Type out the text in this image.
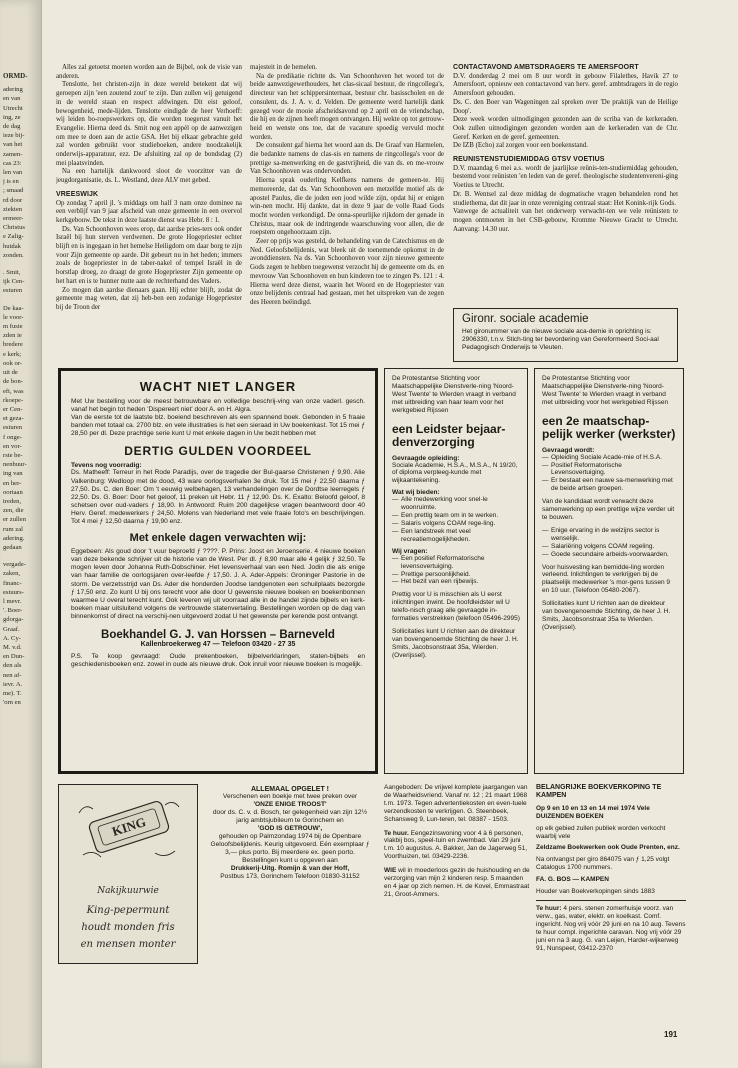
ORMD-

adering

en van

Utrecht

ing, ze

de dag

ieze bij-

van het

zamen-

cas 23:

len van

j is en

; smaad

rd door

ziekten

ermeer-

Christus

e Zalig-

hutdak

zonden.

. Smit,

ijk Cen-

esturen

De kaa-

le voor-

m fusie

zden ie

bredere

e kerk;

ook or-

uit de

de bon-

eft, was

rkoepe-

er Cen-

et geza-

esturen

f onge-

en vor-

rste be-

nenbuur-

ing van

en her-

oortaan

treden,

zen, die

er zullen

rum zal

adering.

gedaan

vergade-

zaken,

financ-

estuurs-

l mevr.

'. Boer-

gdorga-

Graaf.

A. Cy-

M. v.d.

en Dun-

den als

nen af-

ievr. A.

me). T.

'orn en

Alles zal getoetst moeten worden aan de Bijbel, ook de visie van anderen.

Tenslotte, het christen-zijn in deze wereld betekent dat wij geroepen zijn 'een zoutend zout' te zijn. Dan zullen wij getuigend in de wereld staan en respect afdwingen. Dit eist geloof, bewogenheid, mede-lijden. Tenslotte eindigde de heer Verhoeff: wij leiden bo-roepswerkers op, die worden toegerust vanuit het Evangelie. Hierna deed ds. Smit nog een appèl op de aanwezigen om mee te doen aan de actie GSA. Het bij elkaar gebrachte geld zal worden gebruikt voor studieboeken, andere noodzakelijk onderwijs-apparatuur, ezz. De afsluiting zal op de bondsdag (2) mei plaatsvinden.

Na een hartelijk dankwoord sloot de voorzitter van de jeugdorganisatie, ds. L. Westland, deze ALV met gebed.

VREESWIJK

Op zondag 7 april jl. 's middags om half 3 nam onze dominee na een verblijf van 9 jaar afscheid van onze gemeente in een overvol kerkgebouw. De tekst in deze laatste dienst was Hebr. 8 : 1.

Ds. Van Schoonhoven wees erop, dat aardse pries-ters ook onder Israël bij hun sterven verdwenen. De grote Hogepriester echter blijft en is ingegaan in het hemelse Heiligdom om daar borg te zijn voor Zijn gemeente op aarde. Dit gebeurt nu in het heden; immers zoals de hogepriester in de taber-nakel of tempel Israël in de borstlap droeg, zo draagt de grote Hogepriester Zijn gemeente op het hart en is te hunner nutte aan de rechterhand des Vaders.

Zo mogen dan aardse dienaars gaan. Hij echter blijft, zodat de gemeente mag weten, dat zij heb-ben een zodanige Hogepriester bij de Troon der

majesteit in de hemelen.

Na de predikatie richtte ds. Van Schoonhoven het woord tot de beide aanwezigewethouders, het clas-sicaal bestuur, de ringcollega's, directeur van het schippersinternaat, bestuur chr. basisscholen en de consulent, ds. J. A. v. d. Velden. De gemeente werd hartelijk dank gezegd voor de mooie afscheidsavond op 2 april en de vriendschap, die hij en de zijnen heeft mogen ontvangen. Hij wekte op tot getrouw-heid en wenste ons toe, dat de vacature spoedig vervuld mocht worden.

De consulent gaf hierna het woord aan ds. De Graaf van Harmelen, die bedankte namens de clas-sis en namens de ringcollega's voor de prettige sa-menwerking en de gastvrijheid, die van ds. en me-vrouw Van Schoonhoven was ondervonden.

Hierna sprak ouderling Kelfkens namens de gemeen-te. Hij memoreerde, dat ds. Van Schoonhoven een metzelfde motief als de apostel Paulus, die de joden een jood wilde zijn, opdat hij er enigen win-nen mocht. Hij dankte, dat in deze 9 jaar de volle Raad Gods mocht worden verkondigd. De onna-speurlijke rijkdom der genade in Christus, maar ook de indringende waarschuwing voor allen, die de roepstem ongehoorzaam zijn.

Zeer op prijs was gesteld, de behandeling van de Catechismus en de Ned. Geloofsbelijdenis, wat bleek uit de toenemende opkomst in de avonddiensten. Na ds. Van Schoonhoven voor zijn nieuwe gemeente Gods zegen te hebben toegewenst verzocht hij de gemeente om ds. en mevrouw Van Schoonhoven en hun kinderen toe te zingen Ps. 121 : 4. Hierna werd deze dienst, waarin het Woord en de Hogepriester van onze belijdenis centraal had gestaan, met het uitspreken van de zegen des Heeren beëindigd.

CONTACTAVOND AMBTSDRAGERS TE AMERSFOORT

D.V. donderdag 2 mei om 8 uur wordt in gebouw Filalethes, Havik 27 te Amersfoort, opnieuw een contactavond van herv. geref. ambtsdragers in de regio Amersfoort gehouden.

Ds. C. den Boer van Wageningen zal spreken over 'De praktijk van de Heilige Doop'.

Deze week worden uitnodigingen gezonden aan de scriba van de kerkeraden. Ook zullen uitnodigingen gezonden worden aan de kerkeraden van de Chr. Geref. Kerken en de geref. gemeenten.

De IZB (Echo) zal zorgen voor een boekenstand.

REUNISTENSTUDIEMIDDAG GTSV VOETIUS

D.V. maandag 6 mei a.s. wordt de jaarlijkse reünis-ten-studiemiddag gehouden, bestemd voor reünisten 'en leden van de geref. theologische studentenvereni-ging Voetius te Utrecht.

Dr. B. Wentsel zal deze middag de dogmatische vragen behandelen rond het studiethema, dat dit jaar in onze vereniging centraal staat: Het Konink-rijk Gods.

Vanwege de actualiteit van het onderwerp verwacht-ten we vele reünisten te mogen ontmoeten in het CSB-gebouw, Kromme Nieuwe Gracht te Utrecht. Aanvang: 14.30 uur.

Gironr. sociale academie
Het gironummer van de nieuwe sociale aca-demie in oprichting is: 2906330, t.n.v. Stich-ting ter bevordering van Gereformeerd Soci-aal Pedagogisch Onderwijs te Vleuten.
WACHT NIET LANGER

Met Uw bestelling voor de meest betrouwbare en volledige beschrij-ving van onze vaderl. gesch. vanaf het begin tot heden 'Dispereert niet' door A. en H. Algra.

Van de eerste tot de laatste blz. boeiend beschreven als een spannend boek. Gebonden in 5 fraaie banden met totaal ca. 2700 blz. en vele illustraties is het een sieraad in Uw boekenkast. Tot 15 mei ƒ 28,50 per dl. Deze prachtige serie kunt U met enkele dagen in Uw bezit hebben met

DERTIG GULDEN VOORDEEL

Tevens nog voorradig:

Ds. Matheeff: Terreur in het Rode Paradijs, over de tragedie der Bul-gaarse Christenen ƒ 9,90. Alie Valkenburg: Wedloop met de dood, 43 ware oorlogsverhalen 3e druk. Tot 15 mei ƒ 22,50 daarna ƒ 27,50. Ds. C. den Boer: Om 't eeuwig welbehagen, 13 verhandelingen over de Dordtse leerregels ƒ 22,50. Ds. G. Boer: Door het geloof, 11 preken uit Hebr. 11 ƒ 12,90. Ds. K. Exalto: Beloofd geloof, 8 schetsen over oud-vaders ƒ 18,90. In Antwoord: Ruim 200 dagelijkse vragen beantwoord door 40 Herv. Geref. medewerkers ƒ 24,50. Molens van Nederland met vele fraaie foto's en beschrijvingen. Tot 4 mei ƒ 12,50 daarna ƒ 19,90 enz.

Met enkele dagen verwachten wij:

Eggebeen: Als goud door 't vuur beproefd ƒ ????. P. Prins: Joost en Jeroenserie. 4 nieuwe boeken van deze bekende schrijver uit de historie van de West. Per dl. ƒ 8,90 maar alle 4 gelijk ƒ 32,50. Te mogen leven door Johanna Ruth-Dobschiner. Het levensverhaal van een Ned. Jodin die als enige van haar familie de oorlogsjaren over-leefde ƒ 17,50. J. A. Ader-Appels: Groninger Pastorie in de storm. De verzetsstrijd van Ds. Ader die honderden Joodse landgenoten een schuilplaats bezorgde ƒ 17,50 enz. Zo kunt U bij ons terecht voor alle door U gewenste nieuwe boeken en boekenbonnen waarmee U overal terecht kunt. Ook leveren wij uit voorraad alle in de handel zijnde bijbels en kerk-boeken maar uitsluitend volgens de vertrouwde statenvertaling. Bestellingen worden op de dag van binnenkomst of direct na verschij-nen uitgevoerd zodat U het gewenste per kerende post ontvangt.

Boekhandel G. J. van Horssen – Barneveld
Kallenbroekerweg 47 — Telefoon 03420 - 27 35

P.S. Te koop gevraagd: Oude prekenboeken, bijbelverklaringen, staten-bijbels en geschiedenisboeken enz. zowel in oude als nieuwe druk. Ook inruil voor nieuwe boeken is mogelijk.

De Protestantse Stichting voor Maatschappelijke Dienstverle-ning 'Noord-West Twente' te Wierden vraagt in verband met uitbreiding van haar team voor het werkgebied Rijssen

een Leidster bejaar-denverzorging

Gevraagde opleiding:

Sociale Academie, H.S.A., M.S.A., N 19/20, of diploma verpleeg-kunde met wijkaantekening.

Wat wij bieden:

— Alle medewerking voor snel-le woonruimte.
— Een prettig team om in te werken.
— Salaris volgens COAM rege-ling.
— Een landstreek met veel recreatiemogelijkheden.

Wij vragen:

— Een positief Reformatorische levensovertuiging.
— Prettige persoonlijkheid.
— Het bezit van een rijbewijs.

Prettig voor U is misschien als U eerst inlichtingen inwint. De hoofdleidster wil U telefo-nisch graag alle gevraagde in-formaties verstrekken (telefoon 05496-2995)

Sollicitaties kunt U richten aan de direkteur van bovengenoemde Stichting de heer J. H. Smits, Jacobsonstraat 35a, Wierden. (Overijssel).

De Protestantse Stichting voor Maatschappelijke Dienstverle-ning 'Noord-West Twente' te Wierden vraagt in verband met uitbreiding voor het werkgebied Rijssen

een 2e maatschap-pelijk werker (werkster)

Gevraagd wordt:

— Opleiding Sociale Acade-mie of H.S.A.
— Positief Reformatorische Levensovertuiging.
— Er bestaat een nauwe sa-menwerking met de beide artsen groepen.

Van de kandidaat wordt verwacht deze samenwerking op een prettige wijze verder uit te bouwen.

— Enige ervaring in de welzijns sector is wenselijk.
— Salariëring volgens COAM regeling.
— Goede secundaire arbeids-voorwaarden.

Voor huisvesting kan bemidde-ling worden verleend. Inlichtingen te verkrijgen bij de plaatselijk medewerker 's mor-gens tussen 9 en 10 uur. (Telefoon 05480-2067).

Sollicitaties kunt U richten aan de direkteur van bovengenoemde Stichting, de heer J. H. Smits, Jacobsonstraat 35a te Wierden. (Overijssel).

KING
Nakijkuurwie
King-pepermunt
houdt monden fris
en mensen monter

ALLEMAAL OPGELET !

Verschenen een boekje met twee preken over

'ONZE ENIGE TROOST'

door ds. C. v. d. Bosch, ter gelegenheid van zijn 12½ jarig ambtsjubileum te Gorinchem en

'GOD IS GETROUW',

gehouden op Palmzondag 1974 bij de Openbare Geloofsbelijdenis. Keurig uitgevoerd. Eén exemplaar ƒ 3,— plus porto. Bij meerdere ex. geen porto. Bestellingen kunt u opgeven aan

Drukkerij-Uitg. Romijn & van der Hoff,

Postbus 173, Gorinchem Telefoon 01830-31152

Aangeboden: De vrijwel komplete jaargangen van de Waarheidsvriend. Vanaf nr. 12 ; 21 maart 1968 t.m. 1973. Tegen advertentiekosten en even-tuele verzendkosten te verkrijgen. G. Steenbeek, Schansweg 9, Lun-teren, tel. 08387 - 1503.

Te huur. Eengezinswoning voor 4 à 6 personen, vlakbij bos, speel-tuin en zwembad. Van 29 juni t.m. 10 augustus. A. Bakker, Jan de Jagerweg 51, Voorthuizen, tel. 03429-2236.

WIE wil in moederloos gezin de huishouding en de verzorging van mijn 2 kinderen resp. 5 maanden en 4 jaar op zich nemen. H. de Kovel, Emmastraat 21, Groot-Ammers.

BELANGRIJKE BOEKVERKOPING TE KAMPEN

Op 9 en 10 en 13 en 14 mei 1974 Vele DUIZENDEN BOEKEN

op elk gebied zullen publiek worden verkocht waarbij vele

Zeldzame Boekwerken ook Oude Prenten, enz.

Na ontvangst per giro 864075 van ƒ 1,25 volgt Catalogus 1700 nummers.

FA. G. BOS — KAMPEN

Houder van Boekverkopingen sinds 1883

Te huur: 4 pers. stenen zomerhuisje voorz. van verw., gas, water, elektr. en koelkast. Comf. ingericht. Nog vrij vóór 29 juni en na 10 aug. Tevens te huur compl. ingerichte caravan. Nog vrij vóór 29 juni en na 3 aug. G. van Leijen, Harder-wijkerweg 91, Nunspeet, 03412-2370

191
